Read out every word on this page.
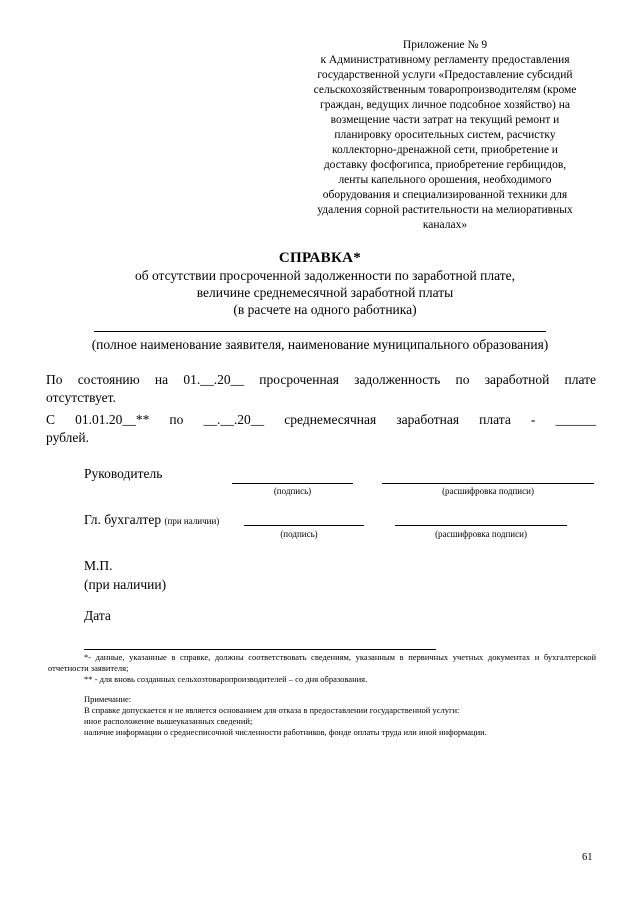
Приложение № 9
к Административному регламенту предоставления
государственной услуги «Предоставление субсидий
сельскохозяйственным товаропроизводителям (кроме
граждан, ведущих личное подсобное хозяйство) на
возмещение части затрат на текущий ремонт и
планировку оросительных систем, расчистку
коллекторно-дренажной сети, приобретение и
доставку фосфогипса, приобретение гербицидов,
ленты капельного орошения, необходимого
оборудования и специализированной техники для
удаления сорной растительности на мелиоративных
каналах»
СПРАВКА*
об отсутствии просроченной задолженности по заработной плате,
величине среднемесячной заработной платы
(в расчете на одного работника)
(полное наименование заявителя, наименование муниципального образования)
По состоянию на 01.__.20__ просроченная задолженность по заработной плате
отсутствует.
С 01.01.20__** по __.__.20__ среднемесячная заработная плата - ______
рублей.
Руководитель
(подпись)	(расшифровка подписи)
Гл. бухгалтер (при наличии)
(подпись)	(расшифровка подписи)
М.П.
(при наличии)
Дата
*- данные, указанные в справке, должны соответствовать сведениям, указанным в первичных учетных документах и бухгалтерской отчетности заявителя;
** - для вновь созданных сельхозтоваропроизводителей – со дня образования.

Примечание:

В справке допускается и не является основанием для отказа в предоставлении государственной услуги:

иное расположение вышеуказанных сведений;

наличие информации о среднесписочной численности работников, фонде оплаты труда или иной информации.

61
